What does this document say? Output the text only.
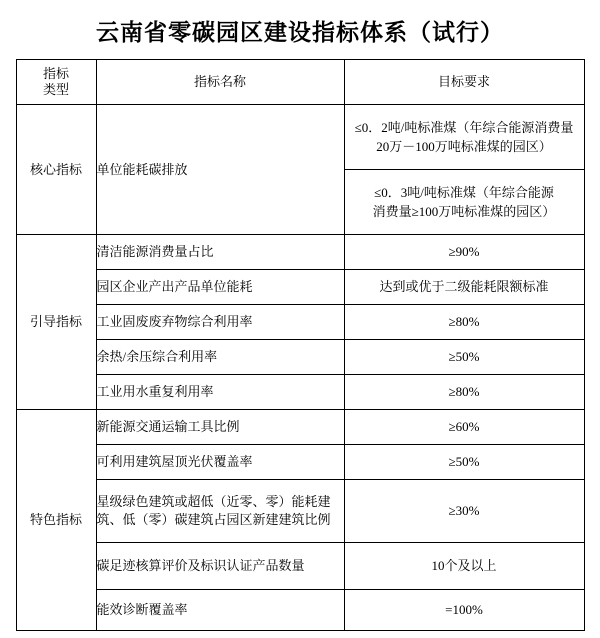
云南省零碳园区建设指标体系（试行）
指标
类型	指标名称	目标要求
核心指标	单位能耗碳排放	≤0．2吨/吨标准煤（年综合能源消费量
20万－100万吨标准煤的园区）

		≤0．3吨/吨标准煤（年综合能源
消费量≥100万吨标准煤的园区）

引导指标	清洁能源消费量占比	≥90%
	园区企业产出产品单位能耗	达到或优于二级能耗限额标准
	工业固废废弃物综合利用率	≥80%
	余热/余压综合利用率	≥50%
	工业用水重复利用率	≥80%
特色指标	新能源交通运输工具比例	≥60%
	可利用建筑屋顶光伏覆盖率	≥50%
	星级绿色建筑或超低（近零、零）能耗建筑、低（零）碳建筑占园区新建建筑比例	≥30%
	碳足迹核算评价及标识认证产品数量	10个及以上
	能效诊断覆盖率	=100%
